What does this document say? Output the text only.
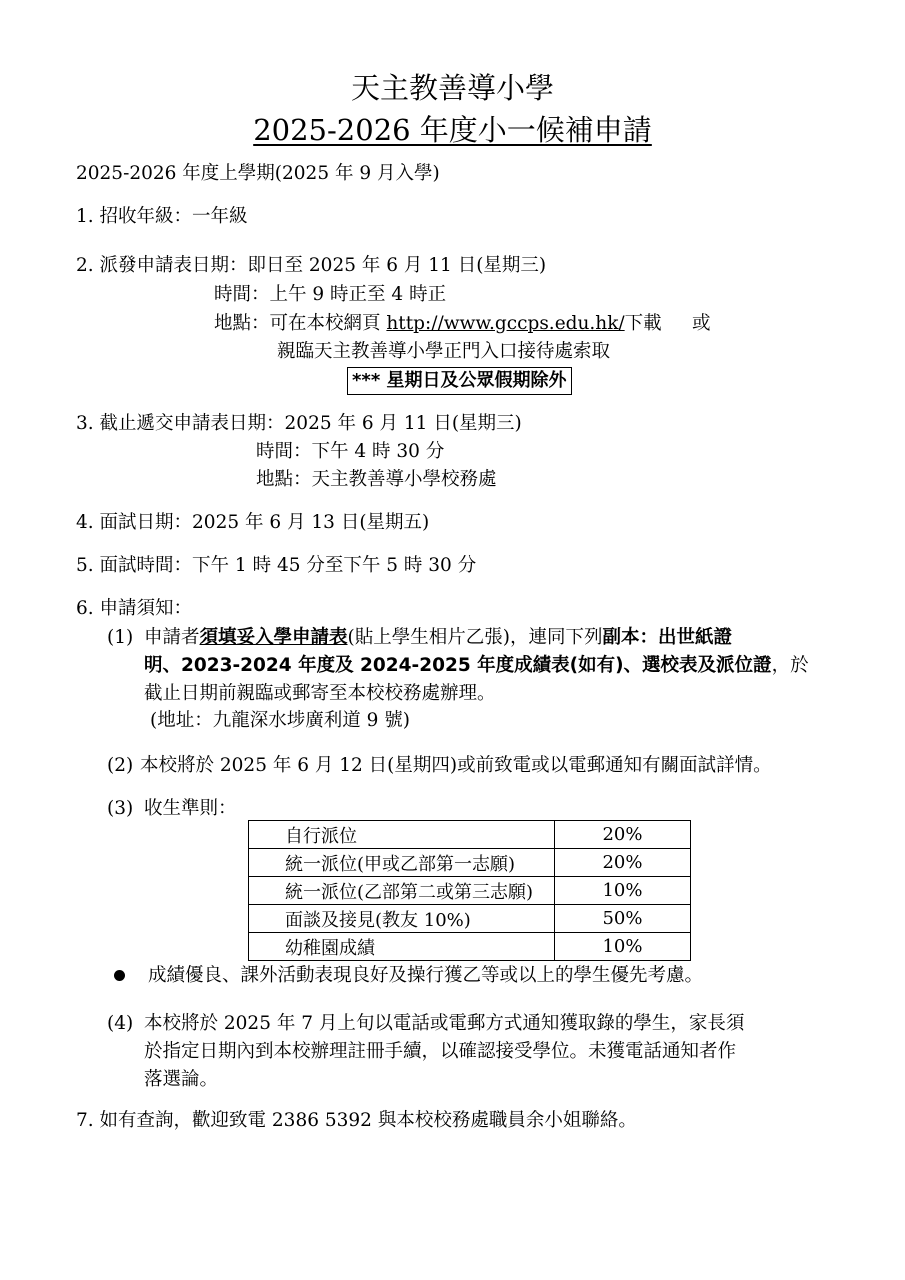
天主教善導小學
2025-2026 年度小一候補申請
2025-2026 年度上學期(2025 年 9 月入學)
1. 招收年級：一年級
2. 派發申請表日期：即日至 2025 年 6 月 11 日(星期三)
時間：上午 9 時正至 4 時正
地點：可在本校網頁 http://www.gccps.edu.hk/下載 或
親臨天主教善導小學正門入口接待處索取
*** 星期日及公眾假期除外
3. 截止遞交申請表日期：2025 年 6 月 11 日(星期三)
時間：下午 4 時 30 分
地點：天主教善導小學校務處
4. 面試日期：2025 年 6 月 13 日(星期五)
5. 面試時間：下午 1 時 45 分至下午 5 時 30 分
6. 申請須知：
(1) 申請者須填妥入學申請表(貼上學生相片乙張)，連同下列副本：出世紙證
明、2023-2024 年度及 2024-2025 年度成績表(如有)、選校表及派位證，於
截止日期前親臨或郵寄至本校校務處辦理。
(地址：九龍深水埗廣利道 9 號)
(2) 本校將於 2025 年 6 月 12 日(星期四)或前致電或以電郵通知有關面試詳情。
(3) 收生準則：
自行派位	20%
統一派位(甲或乙部第一志願)	20%
統一派位(乙部第二或第三志願)	10%
面談及接見(教友 10%)	50%
幼稚園成績	10%
成績優良、課外活動表現良好及操行獲乙等或以上的學生優先考慮。
(4) 本校將於 2025 年 7 月上旬以電話或電郵方式通知獲取錄的學生，家長須
於指定日期內到本校辦理註冊手續，以確認接受學位。未獲電話通知者作
落選論。
7. 如有查詢，歡迎致電 2386 5392 與本校校務處職員余小姐聯絡。
